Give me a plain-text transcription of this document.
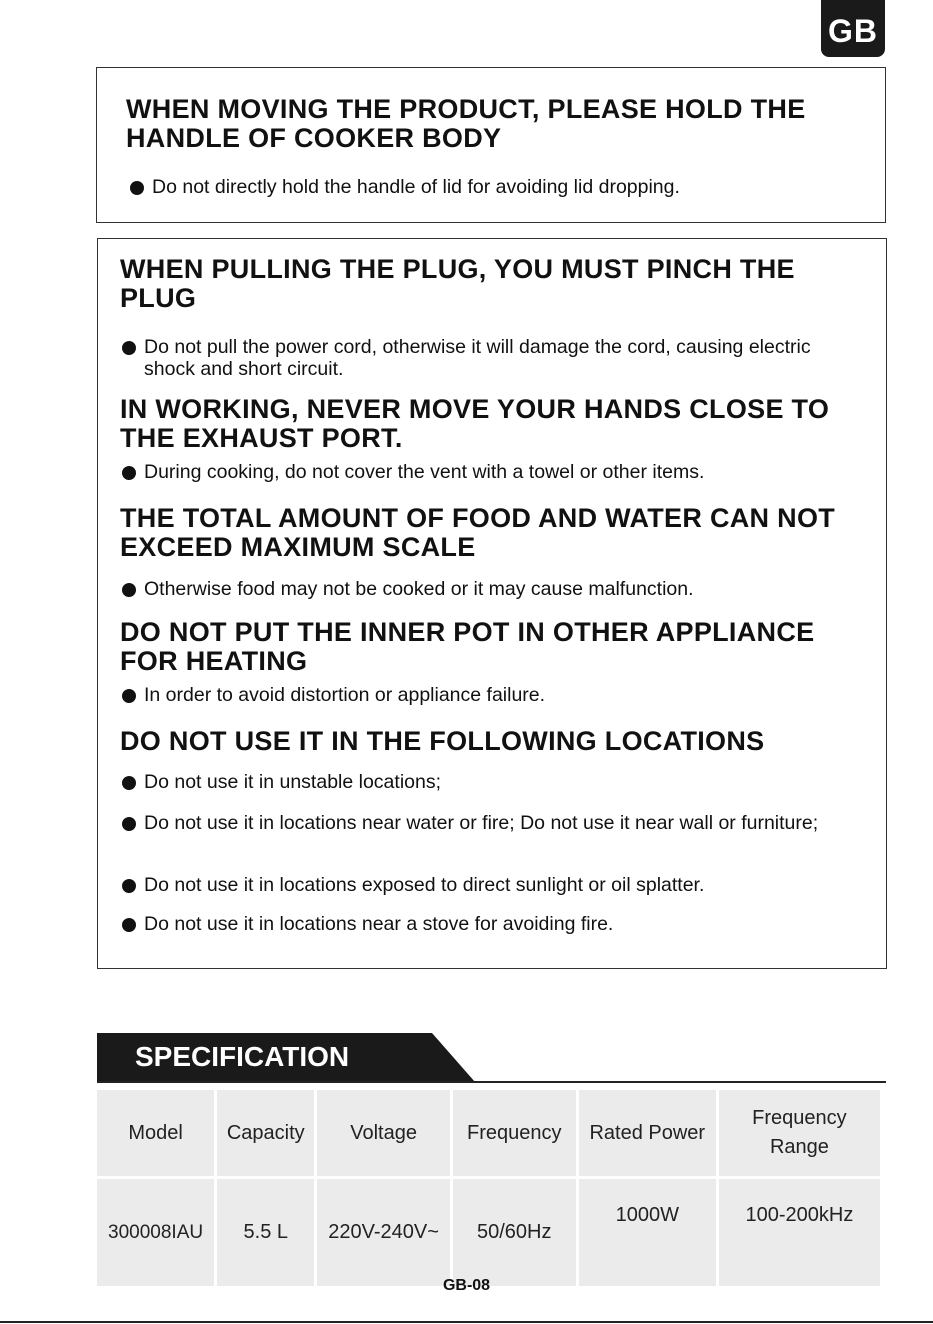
GB

WHEN MOVING THE PRODUCT, PLEASE HOLD THE HANDLE OF COOKER BODY

Do not directly hold the handle of lid for avoiding lid dropping.

WHEN PULLING THE PLUG, YOU MUST PINCH THE PLUG

Do not pull the power cord, otherwise it will damage the cord, causing electric shock and short circuit.

IN WORKING, NEVER MOVE YOUR HANDS CLOSE TO THE EXHAUST PORT.

During cooking, do not cover the vent with a towel or other items.

THE TOTAL AMOUNT OF FOOD AND WATER CAN NOT EXCEED MAXIMUM SCALE

Otherwise food may not be cooked or it may cause malfunction.

DO NOT PUT THE INNER POT IN OTHER APPLIANCE FOR HEATING

In order to avoid distortion or appliance failure.

DO NOT USE IT IN THE FOLLOWING LOCATIONS

Do not use it in unstable locations;

Do not use it in locations near water or fire; Do not use it near wall or furniture;

Do not use it in locations exposed to direct sunlight or oil splatter.

Do not use it in locations near a stove for avoiding fire.

SPECIFICATION
Model	Capacity	Voltage	Frequency	Rated Power	Frequency Range
300008IAU	5.5 L	220V-240V~	50/60Hz	1000W	100-200kHz
GB-08
